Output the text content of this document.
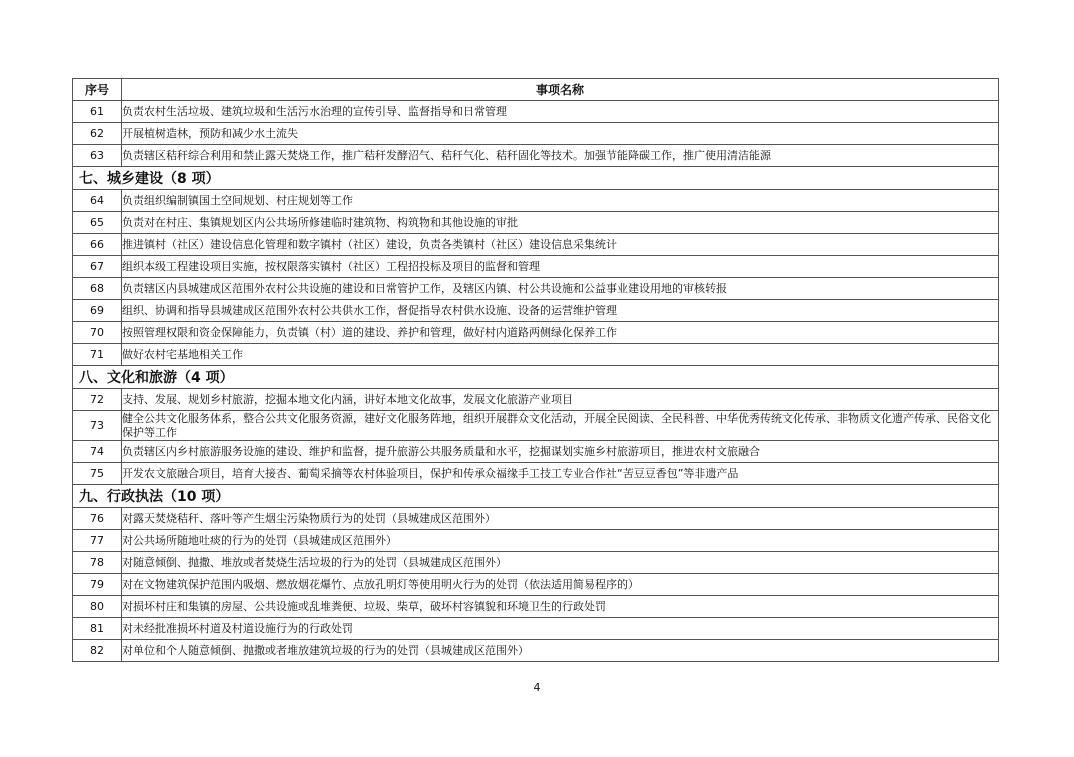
序号	事项名称
61	负责农村生活垃圾、建筑垃圾和生活污水治理的宣传引导、监督指导和日常管理
62	开展植树造林，预防和减少水土流失
63	负责辖区秸秆综合利用和禁止露天焚烧工作，推广秸秆发酵沼气、秸秆气化、秸秆固化等技术。加强节能降碳工作，推广使用清洁能源
七、城乡建设（8 项）	
64	负责组织编制镇国土空间规划、村庄规划等工作
65	负责对在村庄、集镇规划区内公共场所修建临时建筑物、构筑物和其他设施的审批
66	推进镇村（社区）建设信息化管理和数字镇村（社区）建设，负责各类镇村（社区）建设信息采集统计
67	组织本级工程建设项目实施，按权限落实镇村（社区）工程招投标及项目的监督和管理
68	负责辖区内县城建成区范围外农村公共设施的建设和日常管护工作，及辖区内镇、村公共设施和公益事业建设用地的审核转报
69	组织、协调和指导县城建成区范围外农村公共供水工作，督促指导农村供水设施、设备的运营维护管理
70	按照管理权限和资金保障能力，负责镇（村）道的建设、养护和管理，做好村内道路两侧绿化保养工作
71	做好农村宅基地相关工作
八、文化和旅游（4 项）	
72	支持、发展、规划乡村旅游，挖掘本地文化内涵，讲好本地文化故事，发展文化旅游产业项目
73	健全公共文化服务体系，整合公共文化服务资源，建好文化服务阵地，组织开展群众文化活动，开展全民阅读、全民科普、中华优秀传统文化传承、非物质文化遗产传承、民俗文化保护等工作
74	负责辖区内乡村旅游服务设施的建设、维护和监督，提升旅游公共服务质量和水平，挖掘谋划实施乡村旅游项目，推进农村文旅融合
75	开发农文旅融合项目，培育大接杏、葡萄采摘等农村体验项目，保护和传承众福缘手工技工专业合作社“苦豆豆香包”等非遗产品
九、行政执法（10 项）	
76	对露天焚烧秸秆、落叶等产生烟尘污染物质行为的处罚（县城建成区范围外）
77	对公共场所随地吐痰的行为的处罚（县城建成区范围外）
78	对随意倾倒、抛撒、堆放或者焚烧生活垃圾的行为的处罚（县城建成区范围外）
79	对在文物建筑保护范围内吸烟、燃放烟花爆竹、点放孔明灯等使用明火行为的处罚（依法适用简易程序的）
80	对损坏村庄和集镇的房屋、公共设施或乱堆粪便、垃圾、柴草，破坏村容镇貌和环境卫生的行政处罚
81	对未经批准损坏村道及村道设施行为的行政处罚
82	对单位和个人随意倾倒、抛撒或者堆放建筑垃圾的行为的处罚（县城建成区范围外）
4
